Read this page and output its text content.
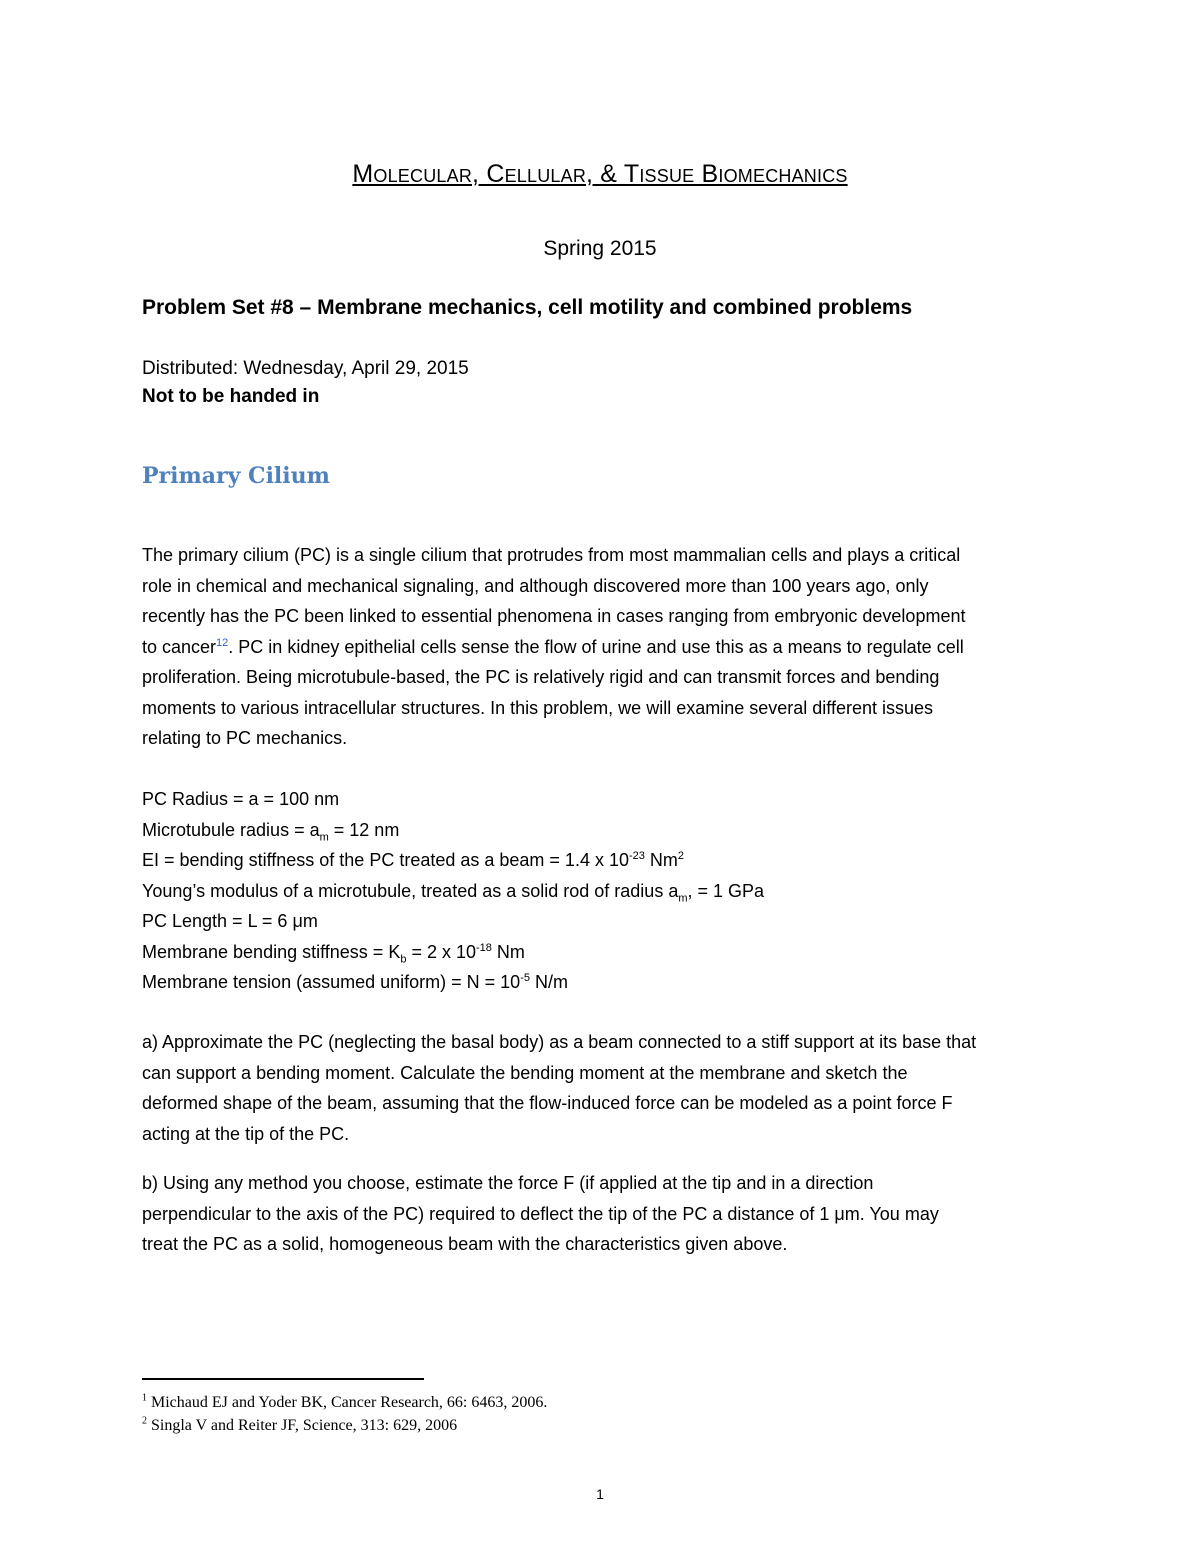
Molecular, Cellular, & Tissue Biomechanics
Spring 2015
Problem Set #8 – Membrane mechanics, cell motility and combined problems
Distributed: Wednesday, April 29, 2015
Not to be handed in
Primary Cilium
The primary cilium (PC) is a single cilium that protrudes from most mammalian cells and plays a critical
role in chemical and mechanical signaling, and although discovered more than 100 years ago, only
recently has the PC been linked to essential phenomena in cases ranging from embryonic development
to cancer$^{12}$. PC in kidney epithelial cells sense the flow of urine and use this as a means to regulate cell
proliferation. Being microtubule-based, the PC is relatively rigid and can transmit forces and bending
moments to various intracellular structures. In this problem, we will examine several different issues
relating to PC mechanics.
PC Radius = a = 100 nm
Microtubule radius = $a_m = 12$ nm
EI = bending stiffness of the PC treated as a beam = 1.4 x $10^{-23}$ Nm$^2$
Young’s modulus of a microtubule, treated as a solid rod of radius $a_m$, = 1 GPa
PC Length = L = 6 μm
Membrane bending stiffness = $K_b = 2$ x $10^{-18}$ Nm
Membrane tension (assumed uniform) = $N = 10^{-5}$ N/m
a) Approximate the PC (neglecting the basal body) as a beam connected to a stiff support at its base that
can support a bending moment. Calculate the bending moment at the membrane and sketch the
deformed shape of the beam, assuming that the flow-induced force can be modeled as a point force F
acting at the tip of the PC.
b) Using any method you choose, estimate the force F (if applied at the tip and in a direction
perpendicular to the axis of the PC) required to deflect the tip of the PC a distance of 1 μm. You may
treat the PC as a solid, homogeneous beam with the characteristics given above.
$^1$ Michaud EJ and Yoder BK, Cancer Research, 66: 6463, 2006.
$^2$ Singla V and Reiter JF, Science, 313: 629, 2006
1
